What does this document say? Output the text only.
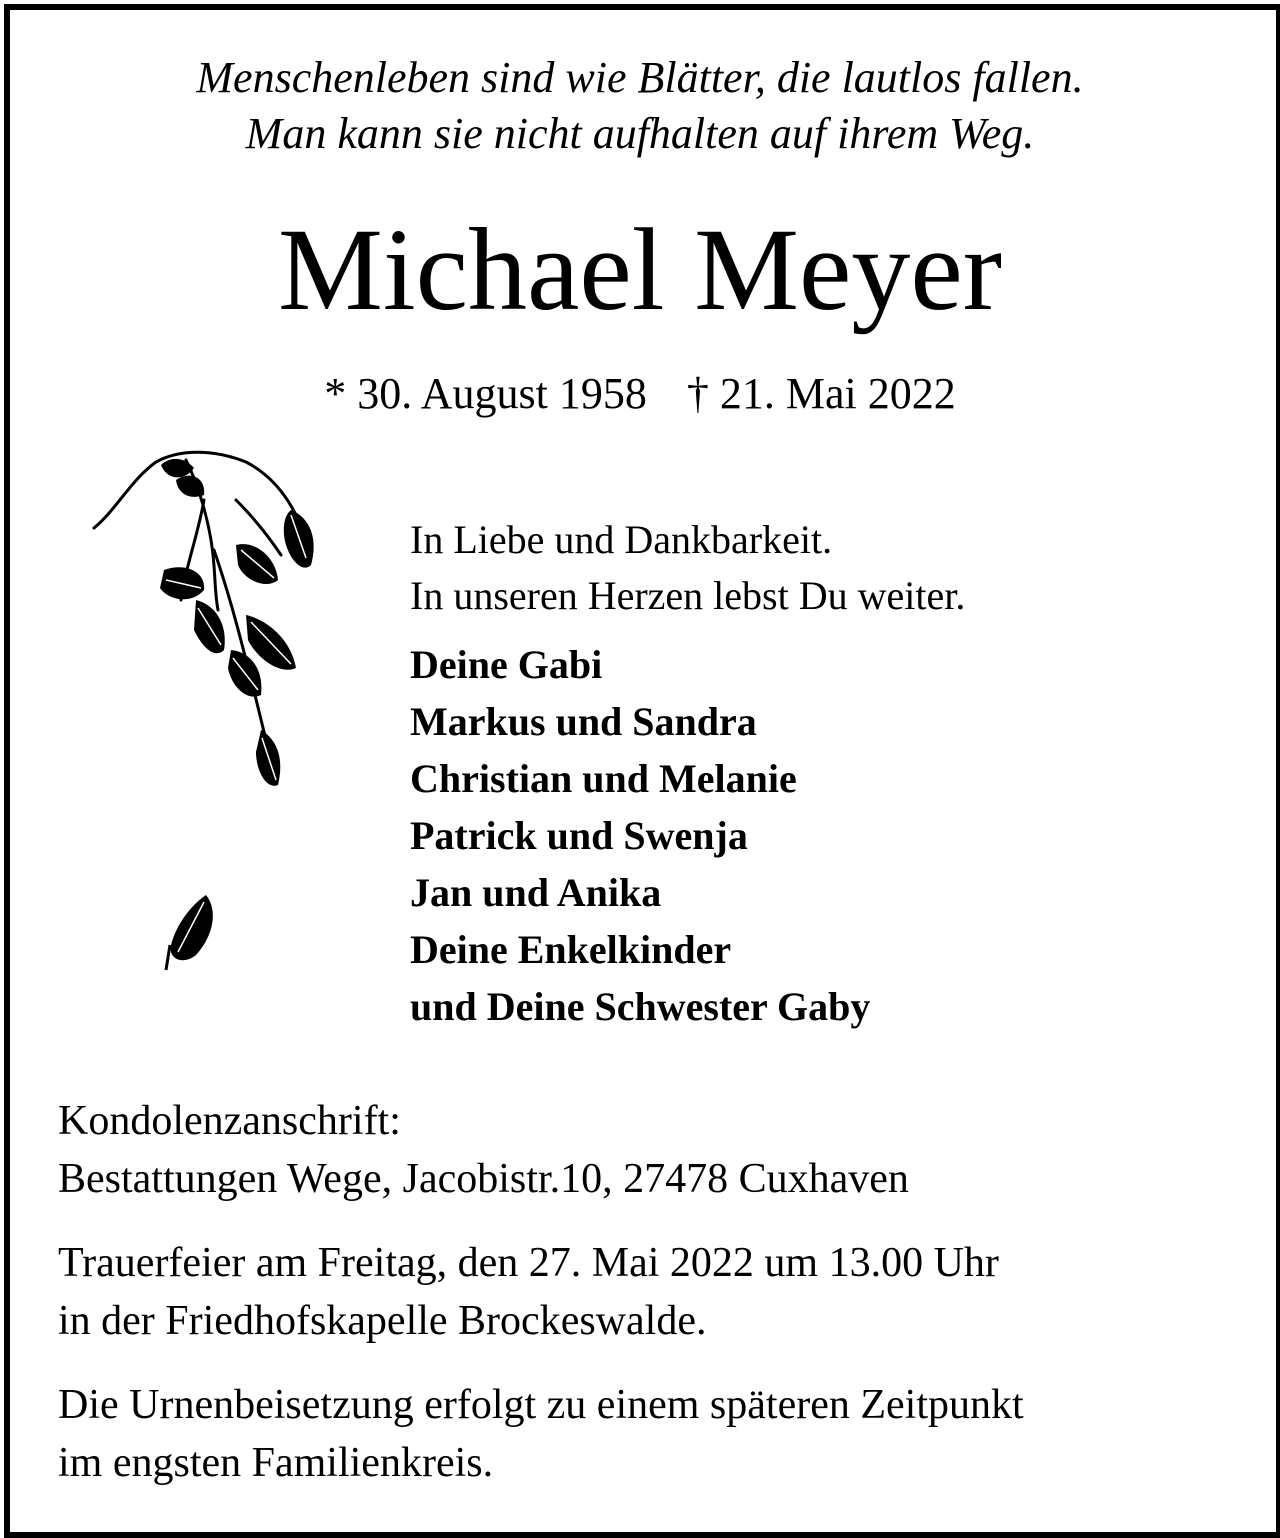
Menschenleben sind wie Blätter, die lautlos fallen.
Man kann sie nicht aufhalten auf ihrem Weg.
Michael Meyer
* 30. August 1958 † 21. Mai 2022
In Liebe und Dankbarkeit.
In unseren Herzen lebst Du weiter.
Deine Gabi
Markus und Sandra
Christian und Melanie
Patrick und Swenja
Jan und Anika
Deine Enkelkinder
und Deine Schwester Gaby
Kondolenzanschrift:
Bestattungen Wege, Jacobistr.10, 27478 Cuxhaven
Trauerfeier am Freitag, den 27. Mai 2022 um 13.00 Uhr
in der Friedhofskapelle Brockeswalde.
Die Urnenbeisetzung erfolgt zu einem späteren Zeitpunkt
im engsten Familienkreis.
